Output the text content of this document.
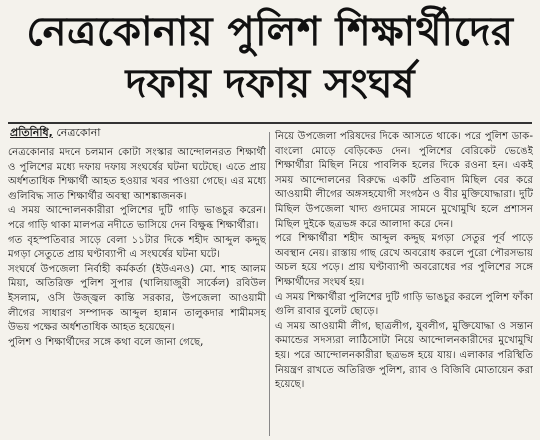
নেত্রকোনায় পুলিশ শিক্ষার্থীদের
দফায় দফায় সংঘর্ষ
প্রতিনিধি, নেত্রকোনা

নেত্রকোনার মদনে চলমান কোটা সংস্কার আন্দোলনরত শিক্ষার্থী ও পুলিশের মধ্যে দফায় দফায় সংঘর্ষের ঘটনা ঘটেছে। এতে প্রায় অর্ধশতাধিক শিক্ষার্থী আহত হওয়ার খবর পাওয়া গেছে। এর মধ্যে গুলিবিদ্ধ সাত শিক্ষার্থীর অবস্থা আশঙ্কাজনক।

এ সময় আন্দোলনকারীরা পুলিশের দুটি গাড়ি ভাঙচুর করেন। পরে গাড়ি থাকা মালপত্র নদীতে ভাসিয়ে দেন বিক্ষুব্ধ শিক্ষার্থীরা।

গত বৃহস্পতিবার সাড়ে বেলা ১১টার দিকে শহীদ আব্দুল কদ্দুছ মগড়া সেতুতে প্রায় ঘণ্টাব্যাপী এ সংঘর্ষের ঘটনা ঘটে।

সংঘর্ষে উপজেলা নির্বাহী কর্মকর্তা (ইউএনও) মো. শাহ আলম মিয়া, অতিরিক্ত পুলিশ সুপার (খালিয়াজুরী সার্কেল) রবিউল ইসলাম, ওসি উজ্জ্বল কান্তি সরকার, উপজেলা আওয়ামী লীগের সাধারণ সম্পাদক আব্দুল হান্নান তালুকদার শামীমসহ উভয় পক্ষের অর্ধশতাধিক আহত হয়েছেন।

পুলিশ ও শিক্ষার্থীদের সঙ্গে কথা বলে জানা গেছে,

নিয়ে উপজেলা পরিষদের দিকে আসতে থাকে। পরে পুলিশ ডাক-বাংলো মোড়ে বেড়িকেড দেন। পুলিশের বেরিকেট ভেঙেই শিক্ষার্থীরা মিছিল নিয়ে পাবলিক হলের দিকে রওনা হন। একই সময় আন্দোলনের বিরুদ্ধে একটি প্রতিবাদ মিছিল বের করে আওয়ামী লীগের অঙ্গসহযোগী সংগঠন ও বীর মুক্তিযোদ্ধারা। দুটি মিছিল উপজেলা খাদ্য গুদামের সামনে মুখোমুখি হলে প্রশাসন মিছিল দুইকে ছত্রভঙ্গ করে আলাদা করে দেন।

পরে শিক্ষার্থীরা শহীদ আব্দুল কদ্দুছ মগড়া সেতুর পূর্ব পাড়ে অবস্থান নেয়। রাস্তায় গাছ রেখে অবরোধ করলে পুরো পৌরসভায় অচল হয়ে পড়ে। প্রায় ঘণ্টাব্যাপী অবরোধের পর পুলিশের সঙ্গে শিক্ষার্থীদের সংঘর্ষ হয়।

এ সময় শিক্ষার্থীরা পুলিশের দুটি গাড়ি ভাঙচুর করলে পুলিশ ফাঁকা গুলি রাবার বুলেট ছোড়ে।

এ সময় আওয়ামী লীগ, ছাত্রলীগ, যুবলীগ, মুক্তিযোদ্ধা ও সন্তান কমান্ডের সদস্যরা লাঠিসোটা নিয়ে আন্দোলনকারীদের মুখোমুখি হয়। পরে আন্দোলনকারীরা ছত্রভঙ্গ হয়ে যায়। এলাকার পরিস্থিতি নিয়ন্ত্রণ রাখতে অতিরিক্ত পুলিশ, র‍্যাব ও বিজিবি মোতায়েন করা হয়েছে।
